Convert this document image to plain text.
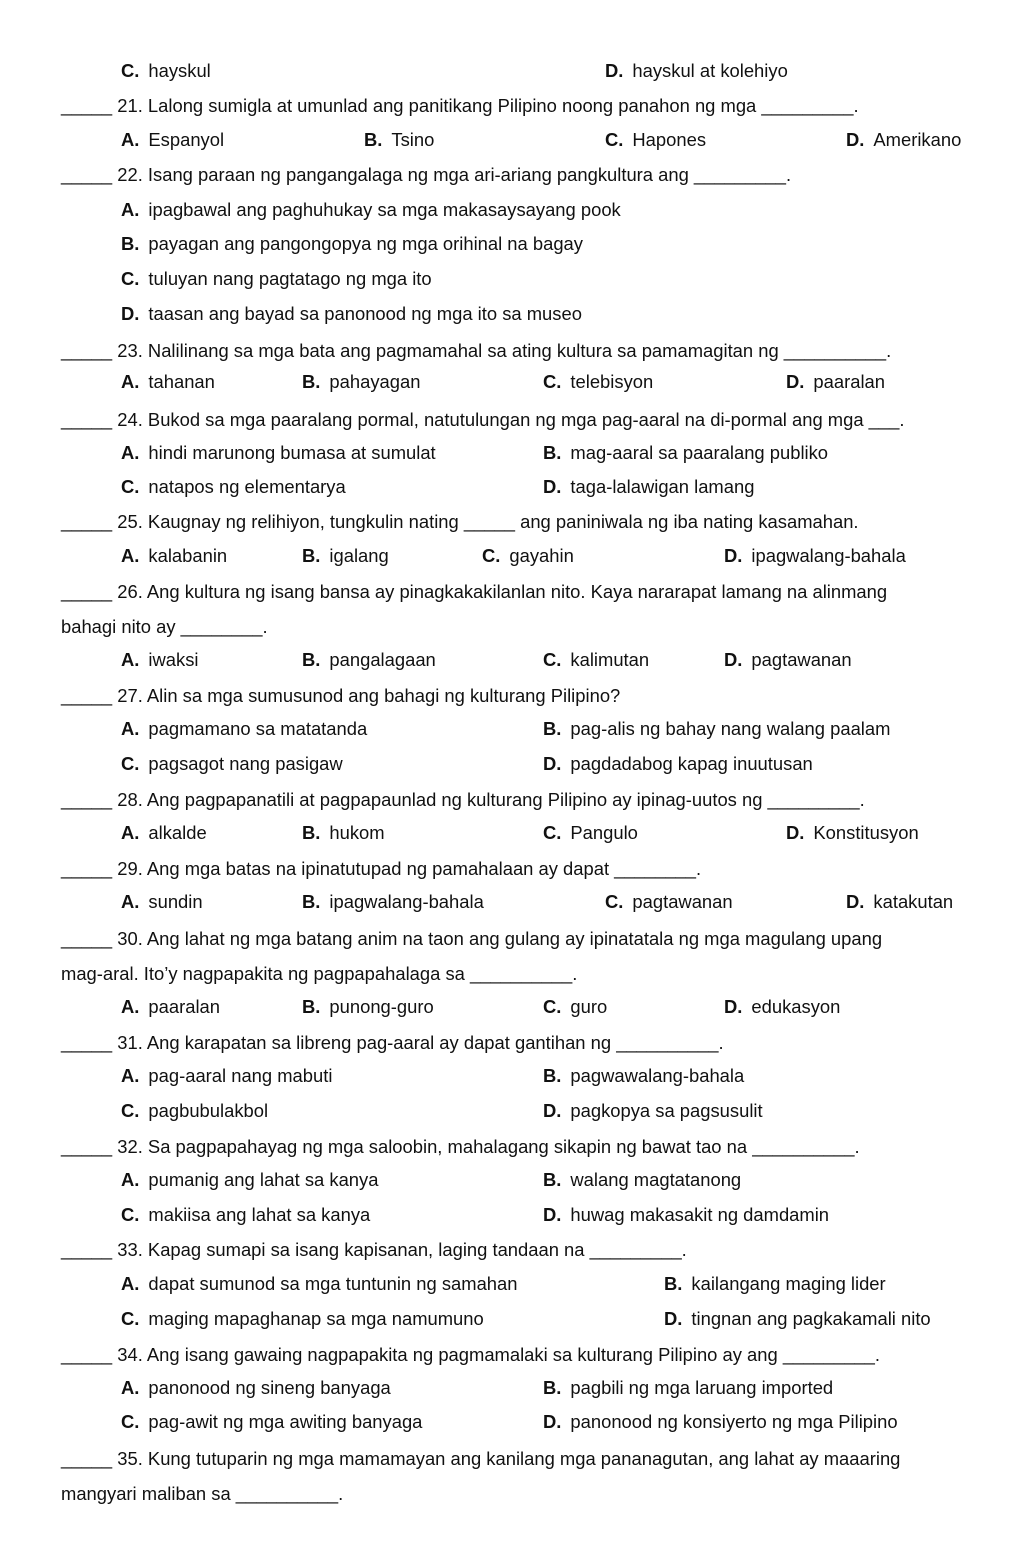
C. hayskul	D. hayskul at kolehiyo
_____ 21. Lalong sumigla at umunlad ang panitikang Pilipino noong panahon ng mga _________.
A. Espanyol	B. Tsino	C. Hapones	D. Amerikano
_____ 22. Isang paraan ng pangangalaga ng mga ari-ariang pangkultura ang _________.
A. ipagbawal ang paghuhukay sa mga makasaysayang pook
B. payagan ang pangongopya ng mga orihinal na bagay
C. tuluyan nang pagtatago ng mga ito
D. taasan ang bayad sa panonood ng mga ito sa museo
_____ 23. Nalilinang sa mga bata ang pagmamahal sa ating kultura sa pamamagitan ng __________.
A. tahanan	B. pahayagan	C. telebisyon	D. paaralan
_____ 24. Bukod sa mga paaralang pormal, natutulungan ng mga pag-aaral na di-pormal ang mga ___.
A. hindi marunong bumasa at sumulat	B. mag-aaral sa paaralang publiko
C. natapos ng elementarya	D. taga-lalawigan lamang
_____ 25. Kaugnay ng relihiyon, tungkulin nating _____ ang paniniwala ng iba nating kasamahan.
A. kalabanin	B. igalang	C. gayahin	D. ipagwalang-bahala
_____ 26. Ang kultura ng isang bansa ay pinagkakakilanlan nito. Kaya nararapat lamang na alinmang
bahagi nito ay ________.
A. iwaksi	B. pangalagaan	C. kalimutan	D. pagtawanan
_____ 27. Alin sa mga sumusunod ang bahagi ng kulturang Pilipino?
A. pagmamano sa matatanda	B. pag-alis ng bahay nang walang paalam
C. pagsagot nang pasigaw	D. pagdadabog kapag inuutusan
_____ 28. Ang pagpapanatili at pagpapaunlad ng kulturang Pilipino ay ipinag-uutos ng _________.
A. alkalde	B. hukom	C. Pangulo	D. Konstitusyon
_____ 29. Ang mga batas na ipinatutupad ng pamahalaan ay dapat ________.
A. sundin	B. ipagwalang-bahala	C. pagtawanan	D. katakutan
_____ 30. Ang lahat ng mga batang anim na taon ang gulang ay ipinatatala ng mga magulang upang
mag-aral. Ito’y nagpapakita ng pagpapahalaga sa __________.
A. paaralan	B. punong-guro	C. guro	D. edukasyon
_____ 31. Ang karapatan sa libreng pag-aaral ay dapat gantihan ng __________.
A. pag-aaral nang mabuti	B. pagwawalang-bahala
C. pagbubulakbol	D. pagkopya sa pagsusulit
_____ 32. Sa pagpapahayag ng mga saloobin, mahalagang sikapin ng bawat tao na __________.
A. pumanig ang lahat sa kanya	B. walang magtatanong
C. makiisa ang lahat sa kanya	D. huwag makasakit ng damdamin
_____ 33. Kapag sumapi sa isang kapisanan, laging tandaan na _________.
A. dapat sumunod sa mga tuntunin ng samahan	B. kailangang maging lider
C. maging mapaghanap sa mga namumuno	D. tingnan ang pagkakamali nito
_____ 34. Ang isang gawaing nagpapakita ng pagmamalaki sa kulturang Pilipino ay ang _________.
A. panonood ng sineng banyaga	B. pagbili ng mga laruang imported
C. pag-awit ng mga awiting banyaga	D. panonood ng konsiyerto ng mga Pilipino
_____ 35. Kung tutuparin ng mga mamamayan ang kanilang mga pananagutan, ang lahat ay maaaring
mangyari maliban sa __________.
